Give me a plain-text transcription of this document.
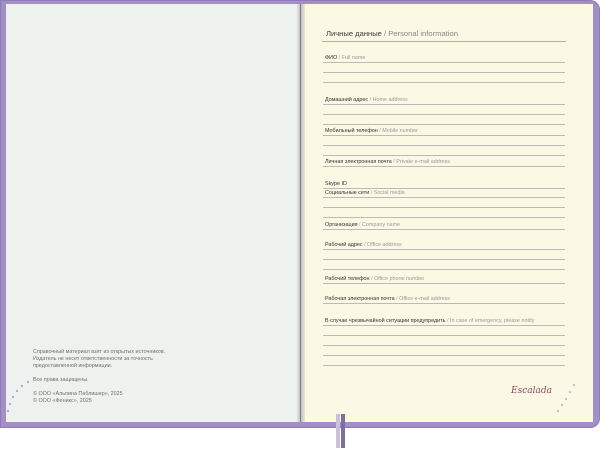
Справочный материал взят из открытых источников.
Издатель не несет ответственности за точность
предоставленной информации.
Все права защищены.
© ООО «Альпина Паблишер», 2025
© ООО «Феникс», 2025
Личные данные / Personal information
ФИО / Full name
Домашний адрес / Home address
Мобильный телефон / Mobile number
Личная электронная почта / Private e-mail address
Skype ID
Социальные сети / Social media
Организация / Company name
Рабочий адрес / Office address
Рабочий телефон / Office phone number
Рабочая электронная почта / Office e-mail address
В случае чрезвычайной ситуации предупредить / In case of emergency, please notify
Escalada
